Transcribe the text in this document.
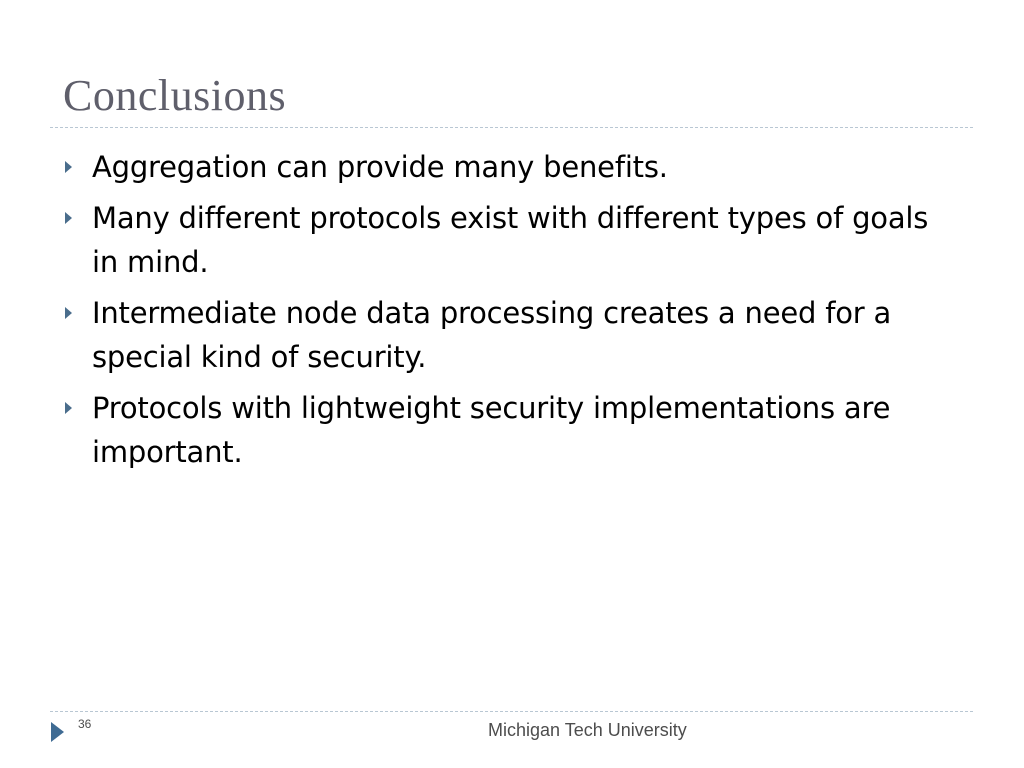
Conclusions
Aggregation can provide many benefits.
Many different protocols exist with different types of goals in mind.
Intermediate node data processing creates a need for a special kind of security.
Protocols with lightweight security implementations are important.
36	Michigan Tech University
